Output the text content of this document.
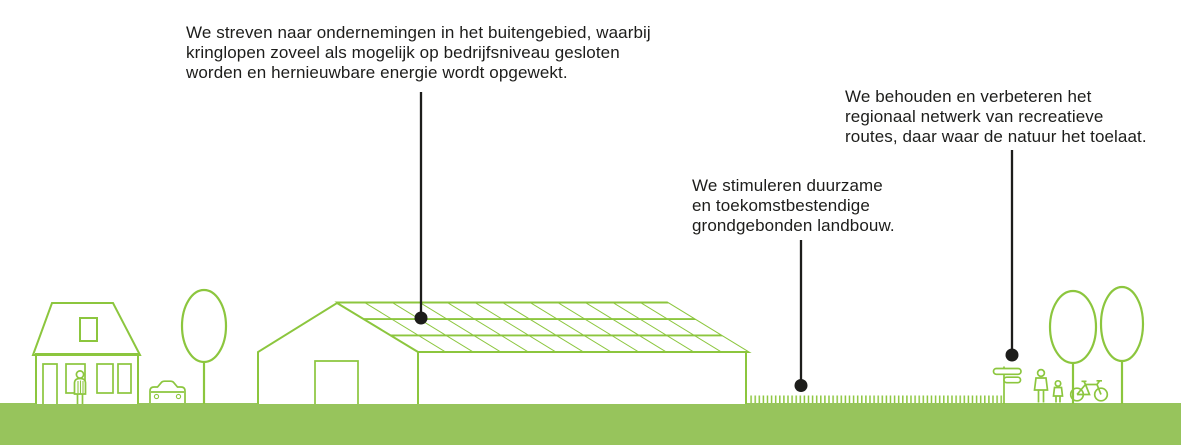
We streven naar ondernemingen in het buitengebied, waarbij
kringlopen zoveel als mogelijk op bedrijfsniveau gesloten
worden en hernieuwbare energie wordt opgewekt.
We stimuleren duurzame
en toekomstbestendige
grondgebonden landbouw.
We behouden en verbeteren het
regionaal netwerk van recreatieve
routes, daar waar de natuur het toelaat.
